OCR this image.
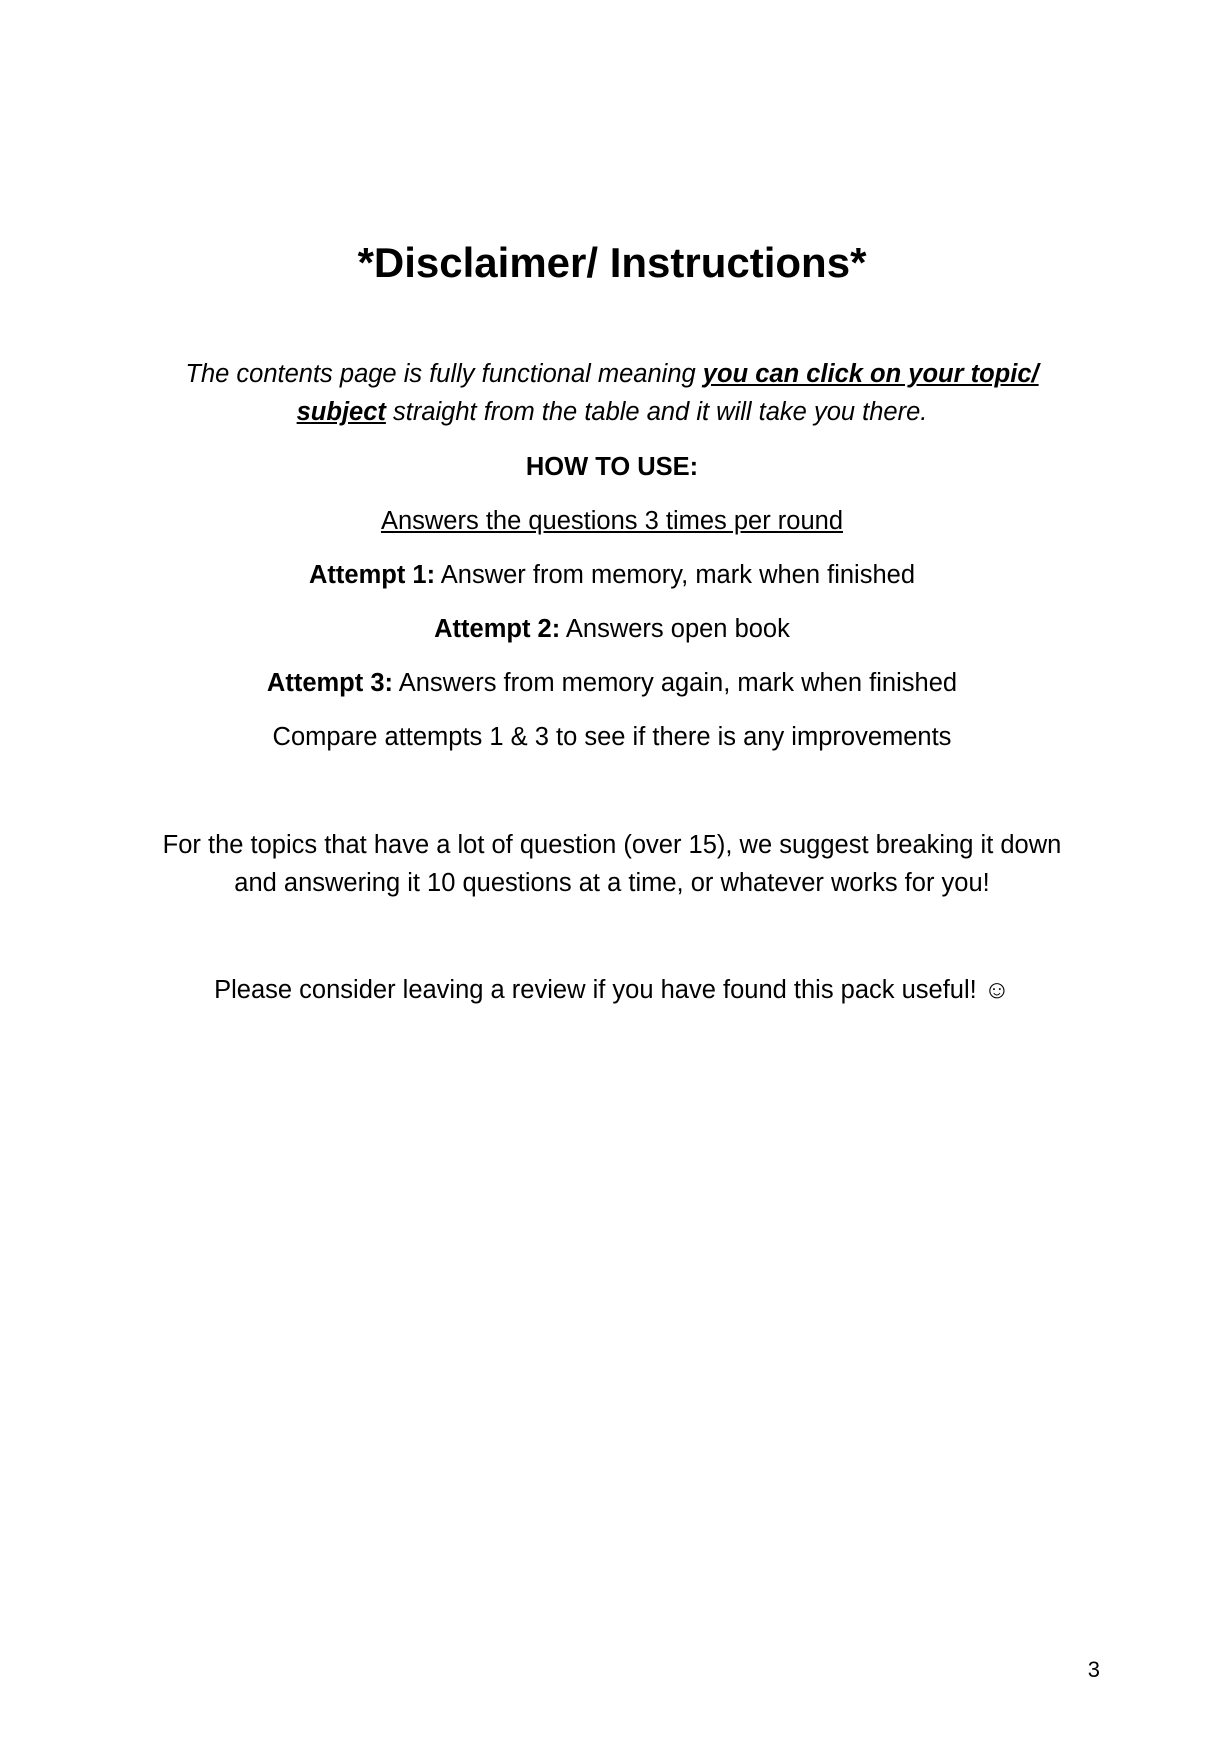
*Disclaimer/ Instructions*

The contents page is fully functional meaning you can click on your topic/ subject straight from the table and it will take you there.

HOW TO USE:

Answers the questions 3 times per round

Attempt 1: Answer from memory, mark when finished

Attempt 2: Answers open book

Attempt 3: Answers from memory again, mark when finished

Compare attempts 1 & 3 to see if there is any improvements

For the topics that have a lot of question (over 15), we suggest breaking it down and answering it 10 questions at a time, or whatever works for you!

Please consider leaving a review if you have found this pack useful! ☺

3
